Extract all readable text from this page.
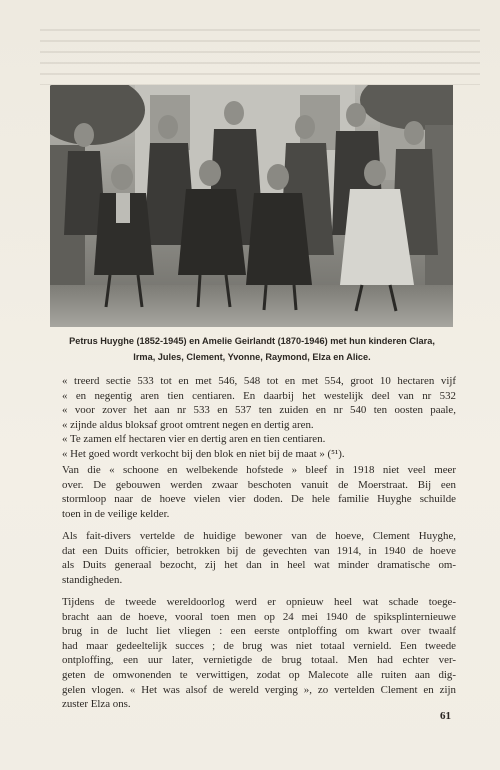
Petrus Huyghe (1852-1945) en Amelie Geirlandt (1870-1946) met hun kinderen Clara,
Irma, Jules, Clement, Yvonne, Raymond, Elza en Alice.
« treerd sectie 533 tot en met 546, 548 tot en met 554, groot 10 hectaren vijf
« en negentig aren tien centiaren. En daarbij het westelijk deel van nr 532
« voor zover het aan nr 533 en 537 ten zuiden en nr 540 ten oosten paale,
« zijnde aldus bloksaf groot omtrent negen en dertig aren.
« Te zamen elf hectaren vier en dertig aren en tien centiaren.
« Het goed wordt verkocht bij den blok en niet bij de maat » (⁵¹).
Van die « schoone en welbekende hofstede » bleef in 1918 niet veel meer
over. De gebouwen werden zwaar beschoten vanuit de Moerstraat. Bij een
stormloop naar de hoeve vielen vier doden. De hele familie Huyghe schuilde
toen in de veilige kelder.
Als fait-divers vertelde de huidige bewoner van de hoeve, Clement Huyghe,
dat een Duits officier, betrokken bij de gevechten van 1914, in 1940 de hoeve
als Duits generaal bezocht, zij het dan in heel wat minder dramatische om-
standigheden.
Tijdens de tweede wereldoorlog werd er opnieuw heel wat schade toege-
bracht aan de hoeve, vooral toen men op 24 mei 1940 de spiksplinternieuwe
brug in de lucht liet vliegen : een eerste ontploffing om kwart over twaalf
had maar gedeeltelijk succes ; de brug was niet totaal vernield. Een tweede
ontploffing, een uur later, vernietigde de brug totaal. Men had echter ver-
geten de omwonenden te verwittigen, zodat op Malecote alle ruiten aan dig-
gelen vlogen. « Het was alsof de wereld verging », zo vertelden Clement en zijn
zuster Elza ons.
61
